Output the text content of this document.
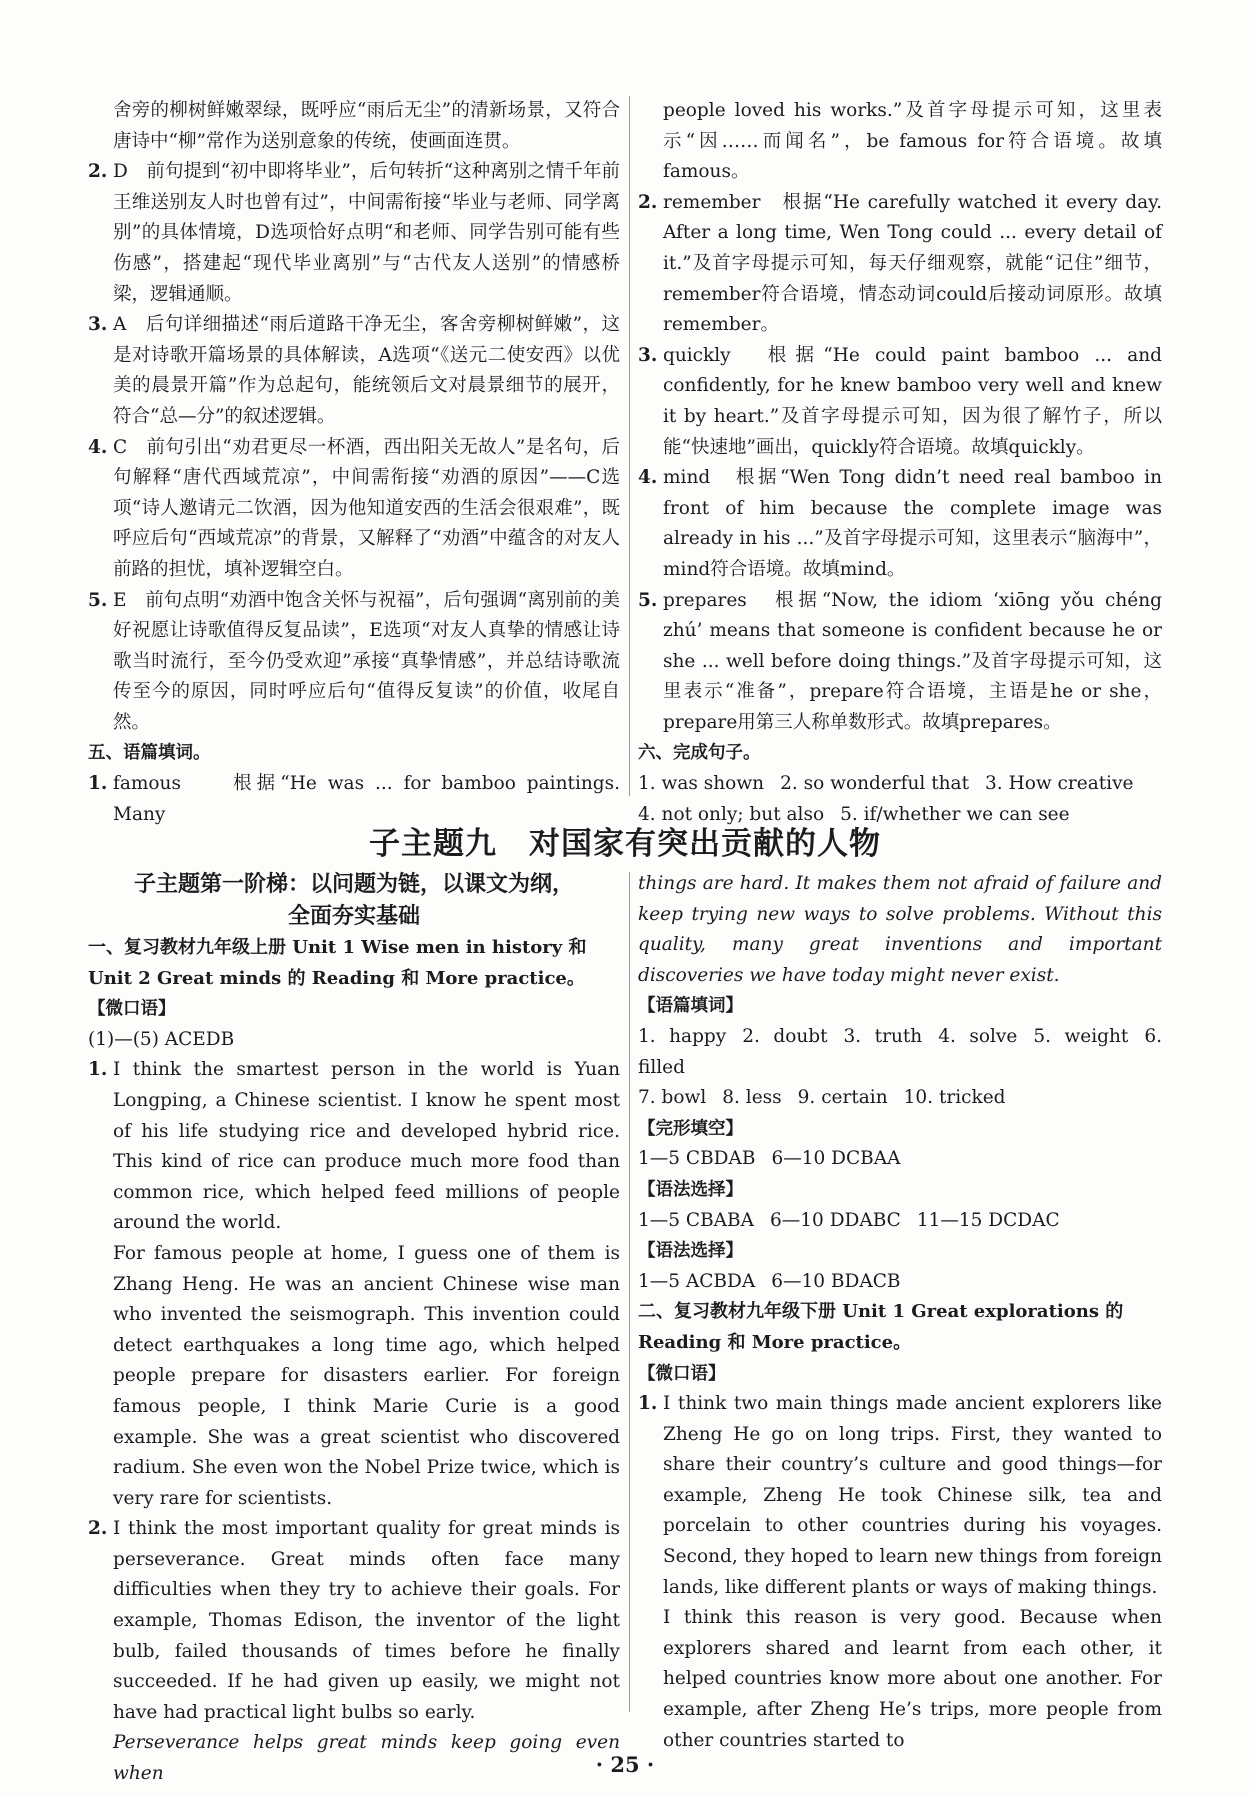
舍旁的柳树鲜嫩翠绿，既呼应“雨后无尘”的清新场景，又符合唐诗中“柳”常作为送别意象的传统，使画面连贯。

2. D　前句提到“初中即将毕业”，后句转折“这种离别之情千年前王维送别友人时也曾有过”，中间需衔接“毕业与老师、同学离别”的具体情境，D选项恰好点明“和老师、同学告别可能有些伤感”，搭建起“现代毕业离别”与“古代友人送别”的情感桥梁，逻辑通顺。
3. A　后句详细描述“雨后道路干净无尘，客舍旁柳树鲜嫩”，这是对诗歌开篇场景的具体解读，A选项“《送元二使安西》以优美的晨景开篇”作为总起句，能统领后文对晨景细节的展开，符合“总—分”的叙述逻辑。
4. C　前句引出“劝君更尽一杯酒，西出阳关无故人”是名句，后句解释“唐代西域荒凉”，中间需衔接“劝酒的原因”——C选项“诗人邀请元二饮酒，因为他知道安西的生活会很艰难”，既呼应后句“西域荒凉”的背景，又解释了“劝酒”中蕴含的对友人前路的担忧，填补逻辑空白。
5. E　前句点明“劝酒中饱含关怀与祝福”，后句强调“离别前的美好祝愿让诗歌值得反复品读”，E选项“对友人真挚的情感让诗歌当时流行，至今仍受欢迎”承接“真挚情感”，并总结诗歌流传至今的原因，同时呼应后句“值得反复读”的价值，收尾自然。

五、语篇填词。

1. famous　　根据“He was ... for bamboo paintings. Many

people loved his works.”及首字母提示可知，这里表示“因……而闻名”，be famous for符合语境。故填famous。

2. remember　根据“He carefully watched it every day. After a long time, Wen Tong could ... every detail of it.”及首字母提示可知，每天仔细观察，就能“记住”细节，remember符合语境，情态动词could后接动词原形。故填remember。
3. quickly　根据“He could paint bamboo ... and confidently, for he knew bamboo very well and knew it by heart.”及首字母提示可知，因为很了解竹子，所以能“快速地”画出，quickly符合语境。故填quickly。
4. mind　根据“Wen Tong didn’t need real bamboo in front of him because the complete image was already in his ...”及首字母提示可知，这里表示“脑海中”，mind符合语境。故填mind。
5. prepares　根据“Now, the idiom ‘xiōng yǒu chéng zhú’ means that someone is confident because he or she ... well before doing things.”及首字母提示可知，这里表示“准备”，prepare符合语境，主语是he or she，prepare用第三人称单数形式。故填prepares。

六、完成句子。

1. was shown 2. so wonderful that 3. How creative

4. not only; but also 5. if/whether we can see

子主题九　对国家有突出贡献的人物
子主题第一阶梯：以问题为链，以课文为纲，
全面夯实基础

一、复习教材九年级上册 Unit 1 Wise men in history 和 Unit 2 Great minds 的 Reading 和 More practice。

【微口语】

(1)—(5) ACEDB

1. I think the smartest person in the world is Yuan Longping, a Chinese scientist. I know he spent most of his life studying rice and developed hybrid rice. This kind of rice can produce much more food than common rice, which helped feed millions of people around the world.

For famous people at home, I guess one of them is Zhang Heng. He was an ancient Chinese wise man who invented the seismograph. This invention could detect earthquakes a long time ago, which helped people prepare for disasters earlier. For foreign famous people, I think Marie Curie is a good example. She was a great scientist who discovered radium. She even won the Nobel Prize twice, which is very rare for scientists.

2. I think the most important quality for great minds is perseverance. Great minds often face many difficulties when they try to achieve their goals. For example, Thomas Edison, the inventor of the light bulb, failed thousands of times before he finally succeeded. If he had given up easily, we might not have had practical light bulbs so early.

Perseverance helps great minds keep going even when

things are hard. It makes them not afraid of failure and keep trying new ways to solve problems. Without this quality, many great inventions and important discoveries we have today might never exist.

【语篇填词】

1. happy 2. doubt 3. truth 4. solve 5. weight 6. filled

7. bowl 8. less 9. certain 10. tricked

【完形填空】

1—5 CBDAB 6—10 DCBAA

【语法选择】

1—5 CBABA 6—10 DDABC 11—15 DCDAC

【语法选择】

1—5 ACBDA 6—10 BDACB

二、复习教材九年级下册 Unit 1 Great explorations 的 Reading 和 More practice。

【微口语】

1. I think two main things made ancient explorers like Zheng He go on long trips. First, they wanted to share their country’s culture and good things—for example, Zheng He took Chinese silk, tea and porcelain to other countries during his voyages. Second, they hoped to learn new things from foreign lands, like different plants or ways of making things.

I think this reason is very good. Because when explorers shared and learnt from each other, it helped countries know more about one another. For example, after Zheng He’s trips, more people from other countries started to

· 25 ·
